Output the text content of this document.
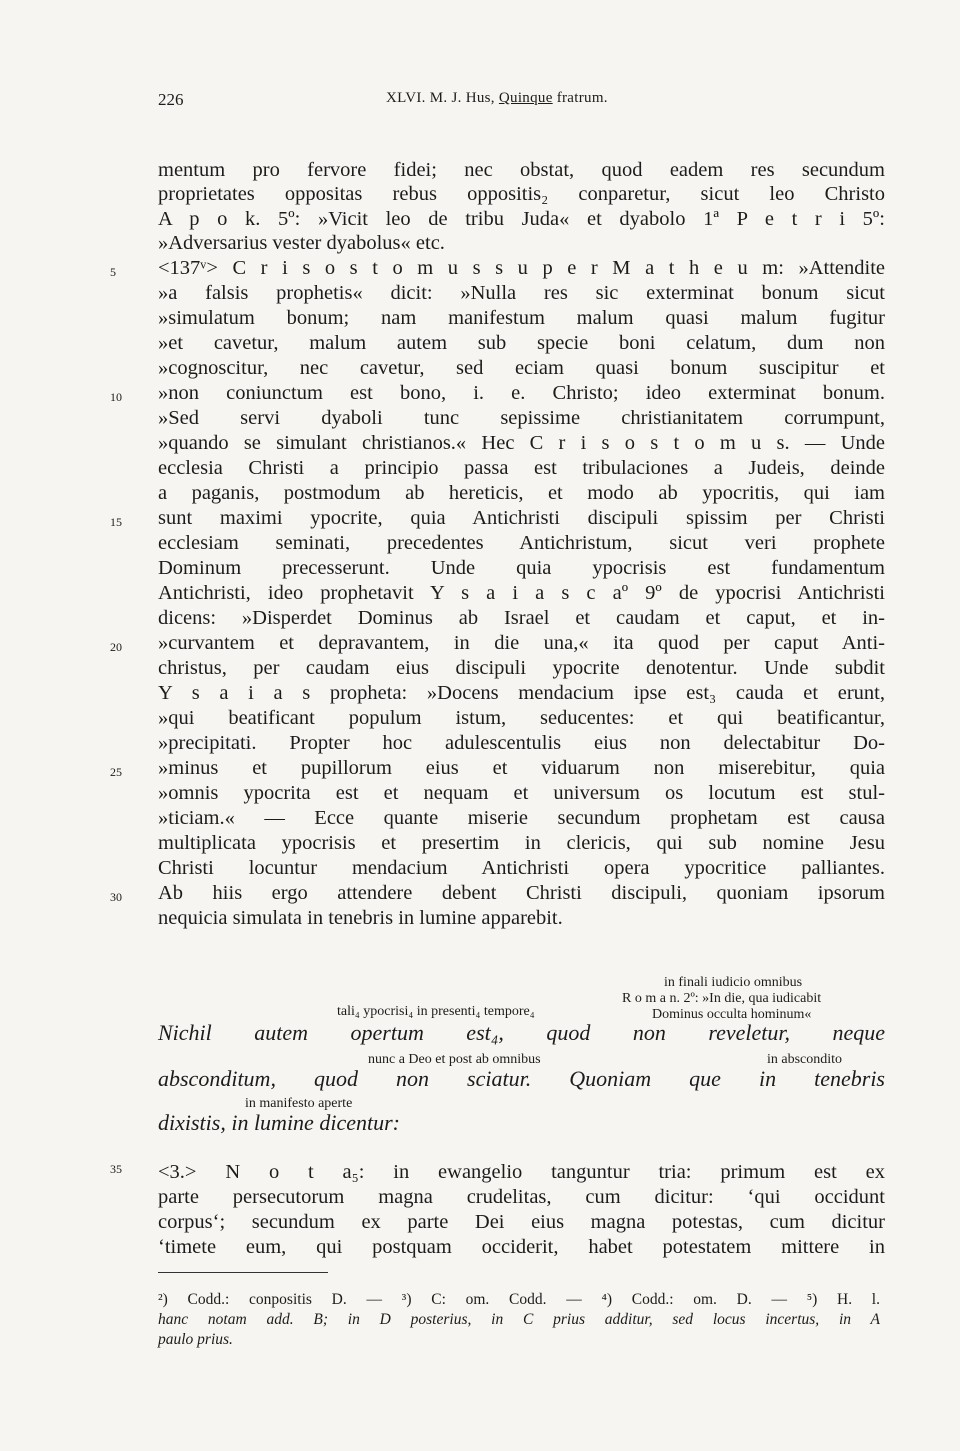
226	XLVI. M. J. Hus, Quinque fratrum.
mentum pro fervore fidei; nec obstat, quod eadem res secundum
proprietates oppositas rebus oppositis₂ conparetur, sicut leo Christo
A p o k. 5º: »Vicit leo de tribu Juda« et dyabolo 1ª P e t r i 5º:
»Adversarius vester dyabolus« etc.
<137ᵛ> C r i s o s t o m u s s u p e r M a t h e u m: »Attendite
»a falsis prophetis« dicit: »Nulla res sic exterminat bonum sicut
»simulatum bonum; nam manifestum malum quasi malum fugitur
»et cavetur, malum autem sub specie boni celatum, dum non
»cognoscitur, nec cavetur, sed eciam quasi bonum suscipitur et
»non coniunctum est bono, i. e. Christo; ideo exterminat bonum.
»Sed servi dyaboli tunc sepissime christianitatem corrumpunt,
»quando se simulant christianos.« Hec C r i s o s t o m u s. — Unde
ecclesia Christi a principio passa est tribulaciones a Judeis, deinde
a paganis, postmodum ab hereticis, et modo ab ypocritis, qui iam
sunt maximi ypocrite, quia Antichristi discipuli spissim per Christi
ecclesiam seminati, precedentes Antichristum, sicut veri prophete
Dominum precesserunt. Unde quia ypocrisis est fundamentum
Antichristi, ideo prophetavit Y s a i a s c aº 9º de ypocrisi Antichristi
dicens: »Disperdet Dominus ab Israel et caudam et caput, et in-
»curvantem et depravantem, in die una,« ita quod per caput Anti-
christus, per caudam eius discipuli ypocrite denotentur. Unde subdit
Y s a i a s propheta: »Docens mendacium ipse est₃ cauda et erunt,
»qui beatificant populum istum, seducentes: et qui beatificantur,
»precipitati. Propter hoc adulescentulis eius non delectabitur Do-
»minus et pupillorum eius et viduarum non miserebitur, quia
»omnis ypocrita est et nequam et universum os locutum est stul-
»ticiam.« — Ecce quante miserie secundum prophetam est causa
multiplicata ypocrisis et presertim in clericis, qui sub nomine Jesu
Christi locuntur mendacium Antichristi opera ypocritice palliantes.
Ab hiis ergo attendere debent Christi discipuli, quoniam ipsorum
nequicia simulata in tenebris in lumine apparebit.
5
10
15
20
25
30
35
in finali iudicio omnibus
R o m a n. 2º: »In die, qua iudicabit
tali₄ ypocrisi₄ in presenti₄ tempore₄	Dominus occulta hominum«
nunc a Deo et post ab omnibus	in abscondito
in manifesto aperte
Nichil autem opertum est₄, quod non reveletur, neque
absconditum, quod non sciatur. Quoniam que in tenebris
dixistis, in lumine dicentur:
<3.> N o t a₅: in ewangelio tanguntur tria: primum est ex
parte persecutorum magna crudelitas, cum dicitur: ‘qui occidunt
corpus‘; secundum ex parte Dei eius magna potestas, cum dicitur
‘timete eum, qui postquam occiderit, habet potestatem mittere in
²) Codd.: conpositis D. — ³) C: om. Codd. — ⁴) Codd.: om. D. — ⁵) H. l.
hanc notam add. B; in D posterius, in C prius additur, sed locus incertus, in A
paulo prius.
